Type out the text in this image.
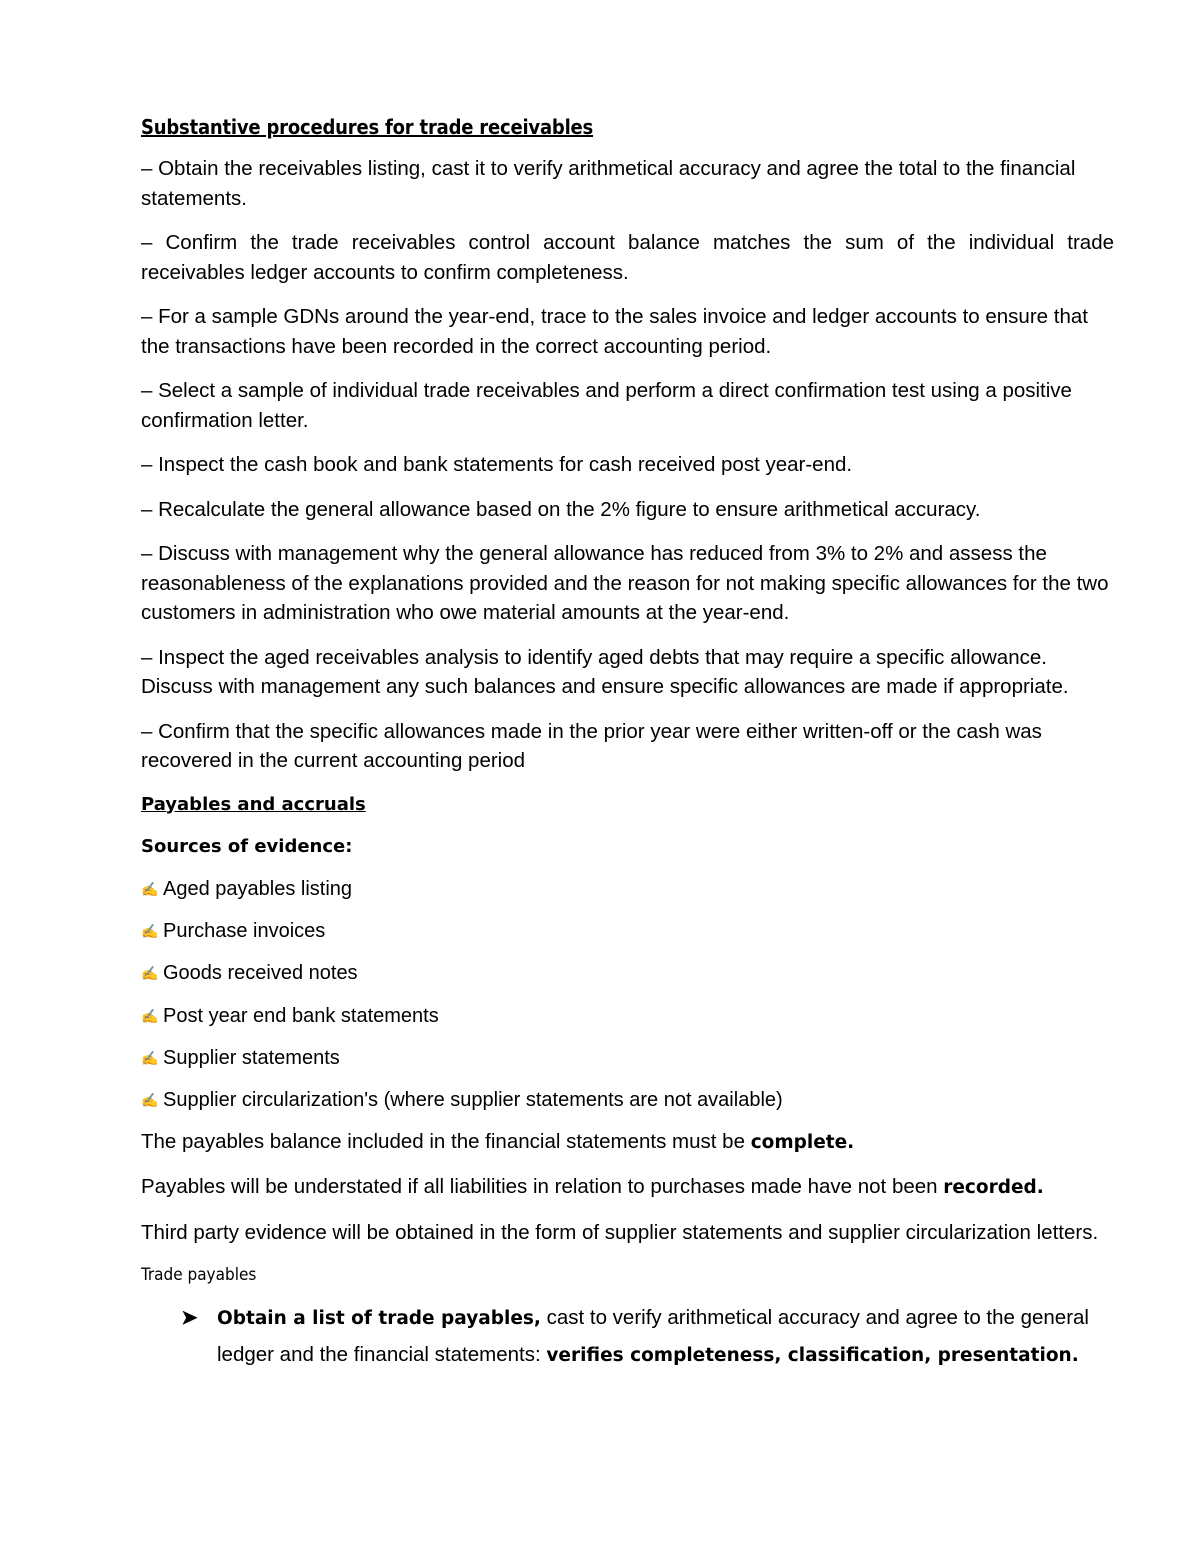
Substantive procedures for trade receivables
– Obtain the receivables listing, cast it to verify arithmetical accuracy and agree the total to the financial statements.
– Confirm the trade receivables control account balance matches the sum of the individual trade receivables ledger accounts to confirm completeness.
– For a sample GDNs around the year-end, trace to the sales invoice and ledger accounts to ensure that the transactions have been recorded in the correct accounting period.
– Select a sample of individual trade receivables and perform a direct confirmation test using a positive confirmation letter.
– Inspect the cash book and bank statements for cash received post year-end.
– Recalculate the general allowance based on the 2% figure to ensure arithmetical accuracy.
– Discuss with management why the general allowance has reduced from 3% to 2% and assess the reasonableness of the explanations provided and the reason for not making specific allowances for the two customers in administration who owe material amounts at the year-end.
– Inspect the aged receivables analysis to identify aged debts that may require a specific allowance. Discuss with management any such balances and ensure specific allowances are made if appropriate.
– Confirm that the specific allowances made in the prior year were either written-off or the cash was recovered in the current accounting period
Payables and accruals
Sources of evidence:
✍ Aged payables listing
✍ Purchase invoices
✍ Goods received notes
✍ Post year end bank statements
✍ Supplier statements
✍ Supplier circularization's (where supplier statements are not available)
The payables balance included in the financial statements must be complete.
Payables will be understated if all liabilities in relation to purchases made have not been recorded.
Third party evidence will be obtained in the form of supplier statements and supplier circularization letters.
Trade payables
➤ Obtain a list of trade payables, cast to verify arithmetical accuracy and agree to the general ledger and the financial statements: verifies completeness, classification, presentation.
